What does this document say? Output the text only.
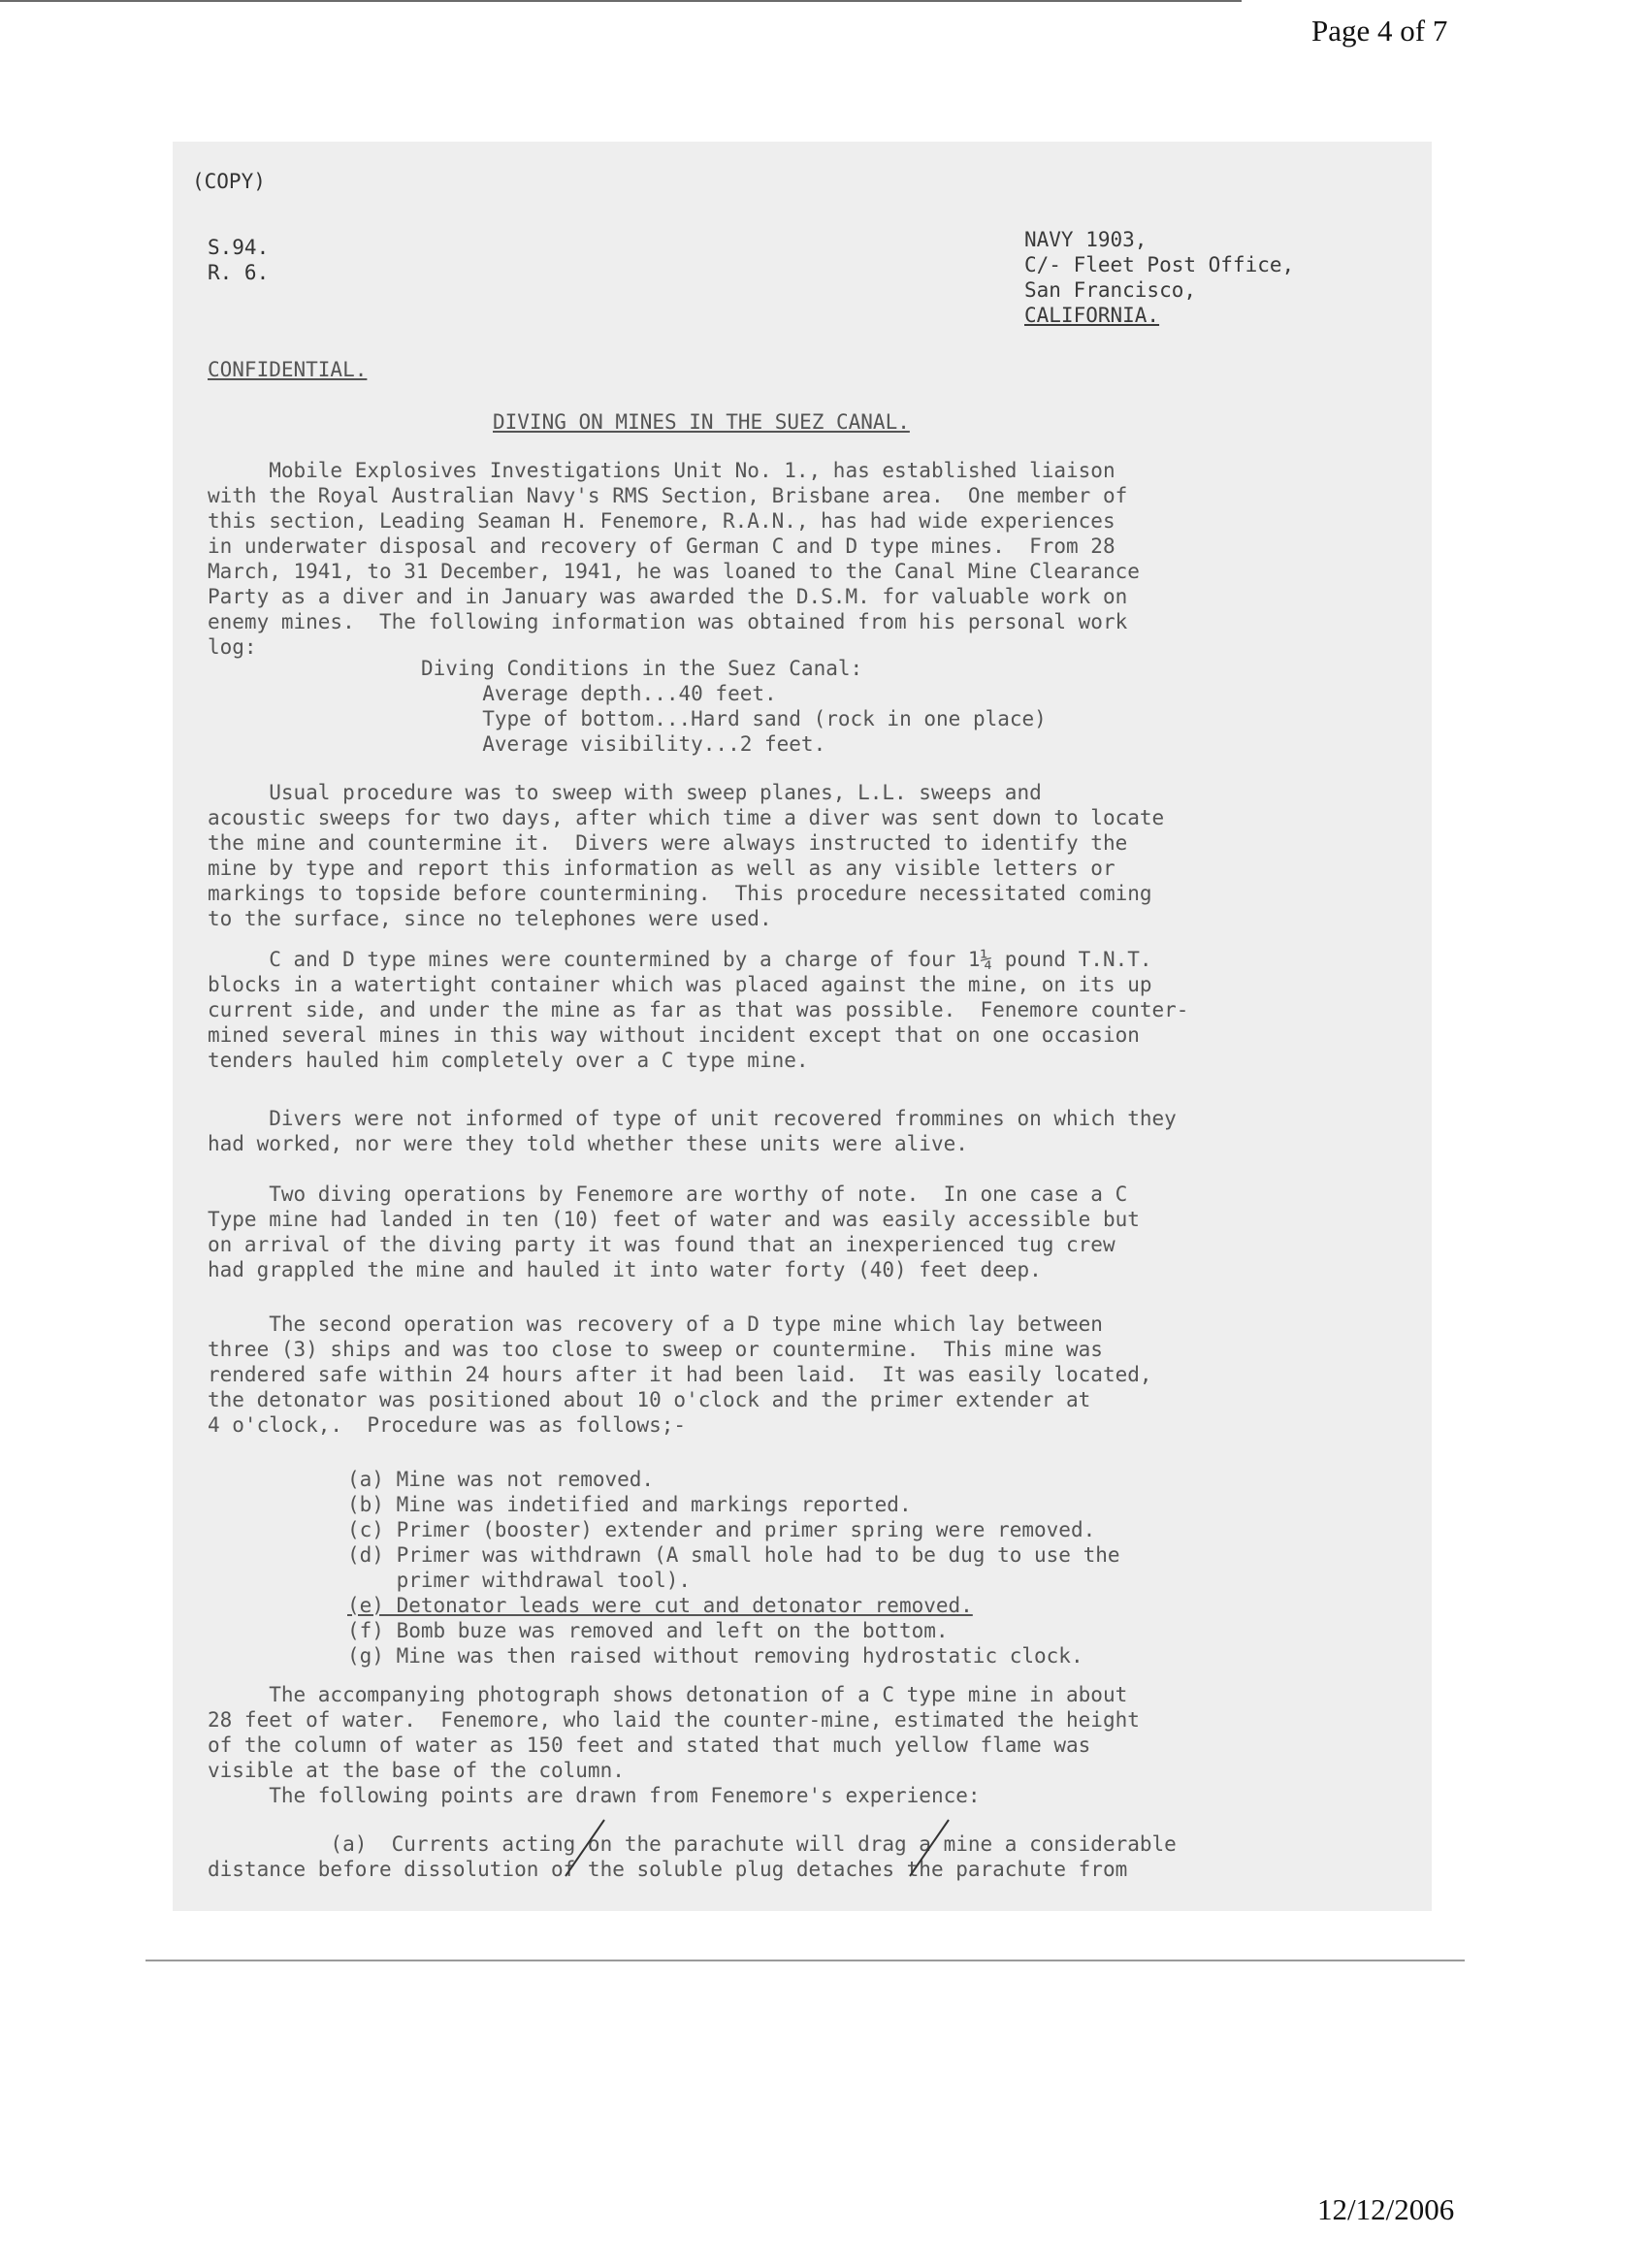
Page 4 of 7

(COPY)

S.94.

R. 6.

NAVY 1903,

C/- Fleet Post Office,

San Francisco,

CALIFORNIA.

CONFIDENTIAL.

DIVING ON MINES IN THE SUEZ CANAL.

Mobile Explosives Investigations Unit No. 1., has established liaison

with the Royal Australian Navy's RMS Section, Brisbane area.  One member of

this section, Leading Seaman H. Fenemore, R.A.N., has had wide experiences

in underwater disposal and recovery of German C and D type mines.  From 28

March, 1941, to 31 December, 1941, he was loaned to the Canal Mine Clearance

Party as a diver and in January was awarded the D.S.M. for valuable work on

enemy mines.  The following information was obtained from his personal work

log:

Diving Conditions in the Suez Canal:

Average depth...40 feet.

Type of bottom...Hard sand (rock in one place)

Average visibility...2 feet.

Usual procedure was to sweep with sweep planes, L.L. sweeps and

acoustic sweeps for two days, after which time a diver was sent down to locate

the mine and countermine it.  Divers were always instructed to identify the

mine by type and report this information as well as any visible letters or

markings to topside before countermining.  This procedure necessitated coming

to the surface, since no telephones were used.

C and D type mines were countermined by a charge of four 1¼ pound T.N.T.

blocks in a watertight container which was placed against the mine, on its up

current side, and under the mine as far as that was possible.  Fenemore counter-

mined several mines in this way without incident except that on one occasion

tenders hauled him completely over a C type mine.

Divers were not informed of type of unit recovered frommines on which they

had worked, nor were they told whether these units were alive.

Two diving operations by Fenemore are worthy of note.  In one case a C

Type mine had landed in ten (10) feet of water and was easily accessible but

on arrival of the diving party it was found that an inexperienced tug crew

had grappled the mine and hauled it into water forty (40) feet deep.

The second operation was recovery of a D type mine which lay between

three (3) ships and was too close to sweep or countermine.  This mine was

rendered safe within 24 hours after it had been laid.  It was easily located,

the detonator was positioned about 10 o'clock and the primer extender at

4 o'clock,.  Procedure was as follows;-

(a) Mine was not removed.

(b) Mine was indetified and markings reported.

(c) Primer (booster) extender and primer spring were removed.

(d) Primer was withdrawn (A small hole had to be dug to use the

primer withdrawal tool).

(e) Detonator leads were cut and detonator removed.

(f) Bomb buze was removed and left on the bottom.

(g) Mine was then raised without removing hydrostatic clock.

The accompanying photograph shows detonation of a C type mine in about

28 feet of water.  Fenemore, who laid the counter-mine, estimated the height

of the column of water as 150 feet and stated that much yellow flame was

visible at the base of the column.

The following points are drawn from Fenemore's experience:

(a)  Currents acting on the parachute will drag a mine a considerable

distance before dissolution of the soluble plug detaches the parachute from

12/12/2006
